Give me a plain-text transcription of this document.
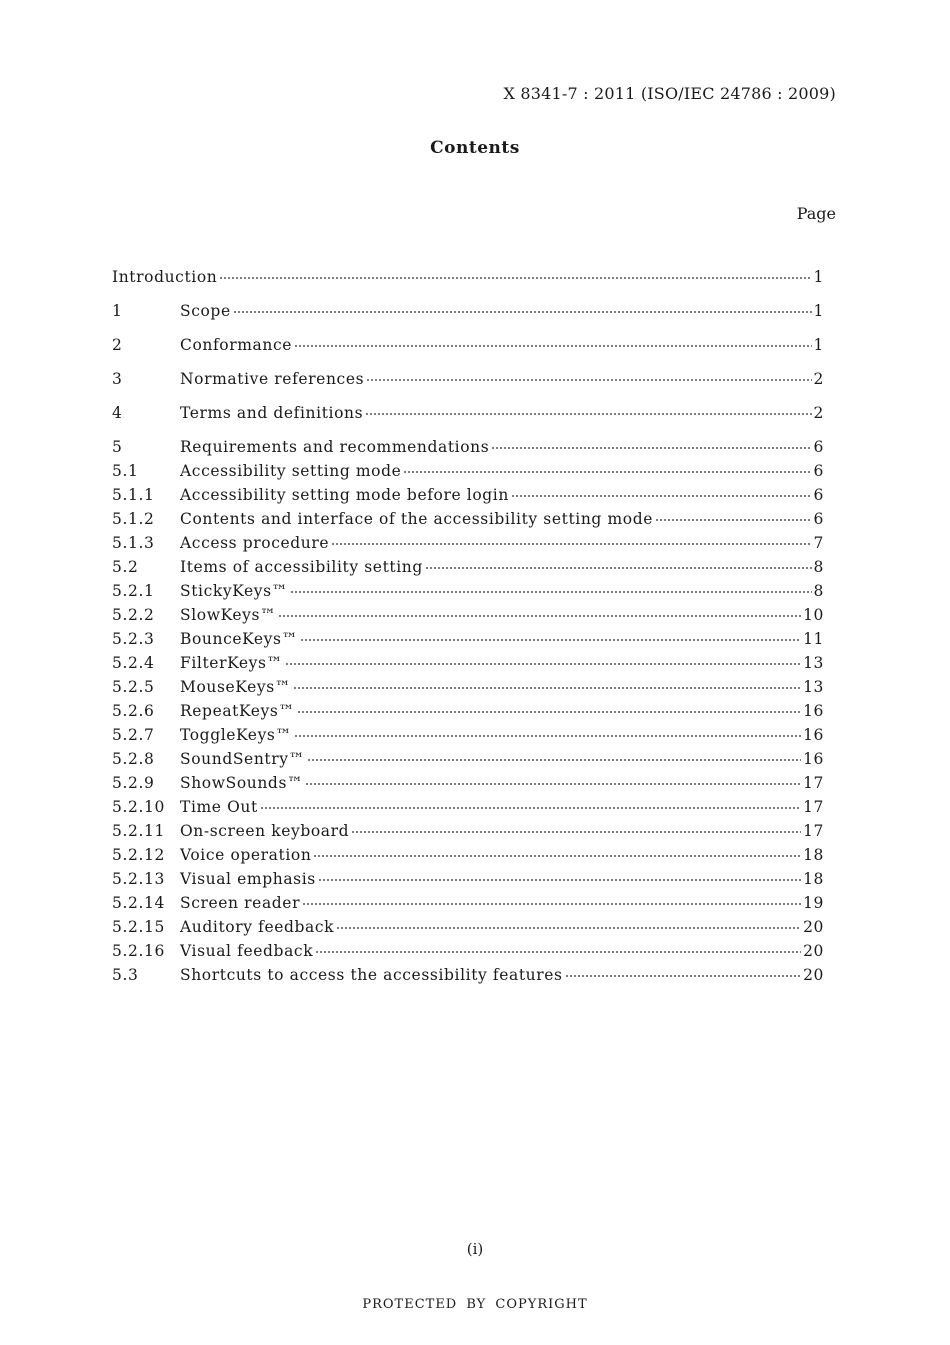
X 8341-7 : 2011 (ISO/IEC 24786 : 2009)
Contents
Page
Introduction	1
1	Scope	1
2	Conformance	1
3	Normative references	2
4	Terms and definitions	2
5	Requirements and recommendations	6
5.1	Accessibility setting mode	6
5.1.1	Accessibility setting mode before login	6
5.1.2	Contents and interface of the accessibility setting mode	6
5.1.3	Access procedure	7
5.2	Items of accessibility setting	8
5.2.1	StickyKeys™	8
5.2.2	SlowKeys™	10
5.2.3	BounceKeys™	11
5.2.4	FilterKeys™	13
5.2.5	MouseKeys™	13
5.2.6	RepeatKeys™	16
5.2.7	ToggleKeys™	16
5.2.8	SoundSentry™	16
5.2.9	ShowSounds™	17
5.2.10 Time Out	17
5.2.11 On-screen keyboard	17
5.2.12 Voice operation	18
5.2.13 Visual emphasis	18
5.2.14 Screen reader	19
5.2.15 Auditory feedback	20
5.2.16 Visual feedback	20
5.3	Shortcuts to access the accessibility features	20
(i)
PROTECTED BY COPYRIGHT
